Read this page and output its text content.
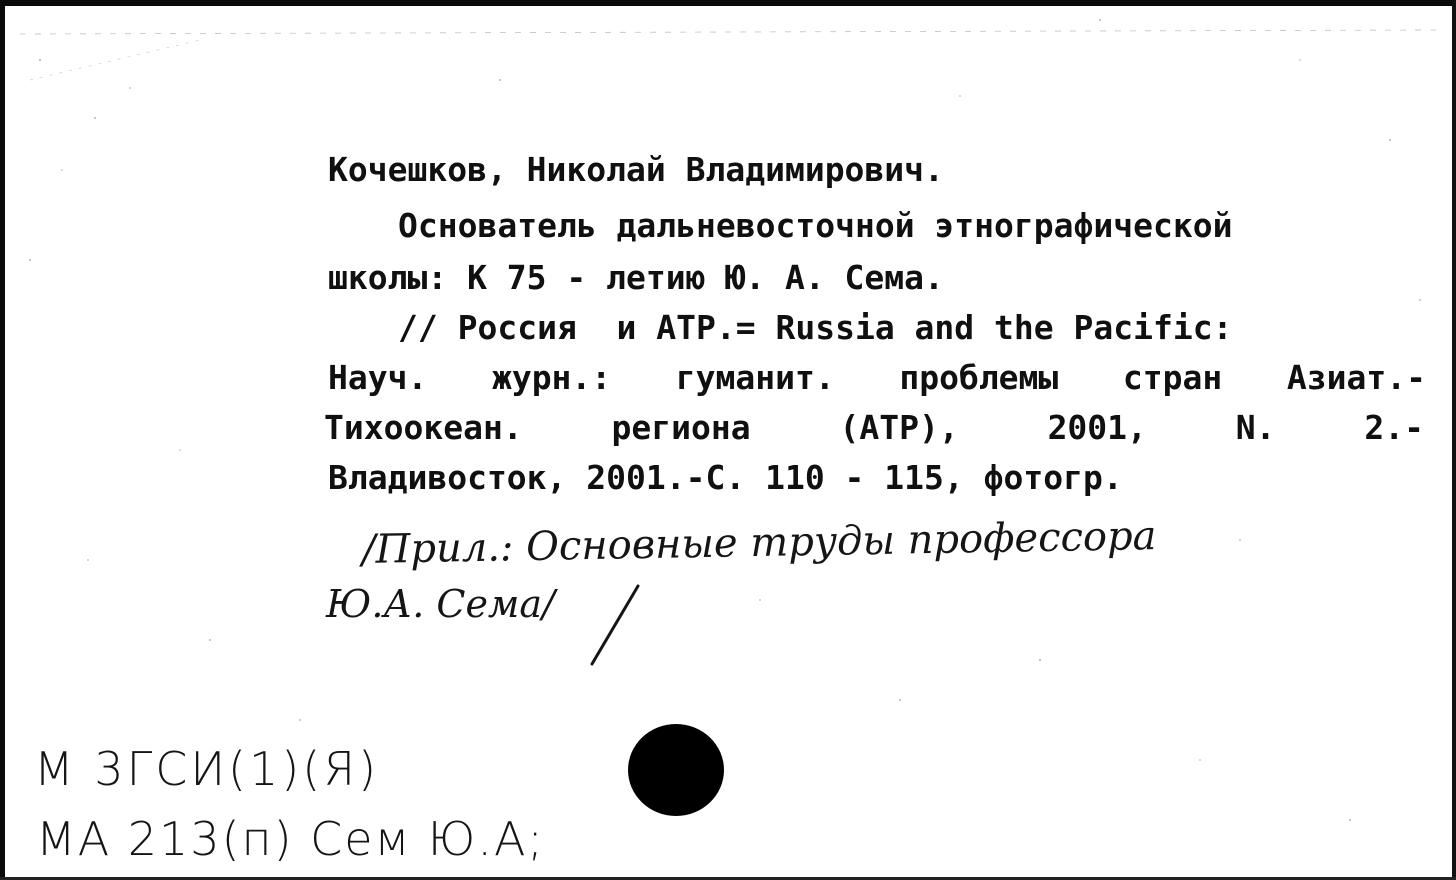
Кочешков, Николай Владимирович.
Основатель дальневосточной этнографической
школы: К 75 - летию Ю. А. Сема.
// Россия  и АТР.= Russia and the Pacific:
Науч. журн.: гуманит. проблемы стран Азиат.-
Тихоокеан.	региона	(АТР),	2001,	N.	2.-
Владивосток, 2001.-С. 110 - 115, фотогр.
/Прил.: Основные труды профессора
Ю.А. Сема/
М 3ГСИ(1)(Я)
МА 213(п) Сем Ю.А;
